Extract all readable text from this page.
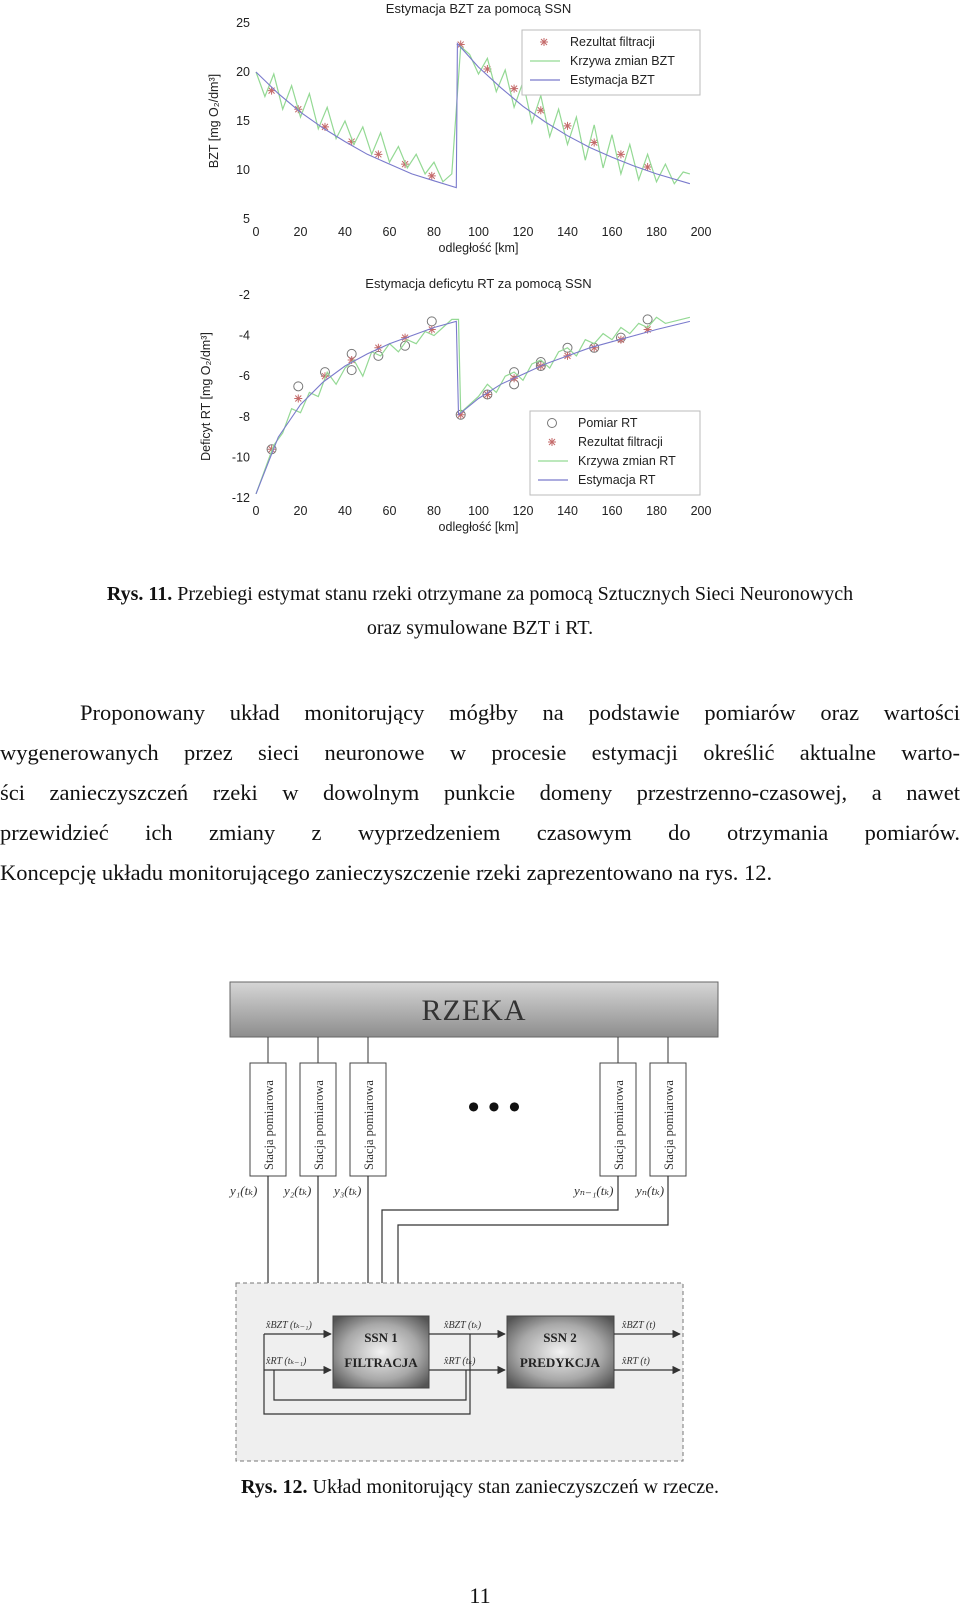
Estymacja BZT za pomocą SSN
0	20 40 60 80 100 120 140 160 180 200
25
20
15
10
5
odległość [km]
BZT [mg O₂/dm³]
Rezultat filtracji
Krzywa zmian BZT
Estymacja BZT
Estymacja deficytu RT za pomocą SSN
0	20 40 60 80 100 120 140 160 180 200
-2
-4
-6
-8
-10
-12
odległość [km]
Deficyt RT [mg O₂/dm³]	Pomiar RT
Rezultat filtracji
Krzywa zmian RT
Estymacja RT
Rys. 11. Przebiegi estymat stanu rzeki otrzymane za pomocą Sztucznych Sieci Neuronowych
oraz symulowane BZT i RT.
Proponowany układ monitorujący mógłby na podstawie pomiarów oraz wartości
wygenerowanych przez sieci neuronowe w procesie estymacji określić aktualne warto-
ści zanieczyszczeń rzeki w dowolnym punkcie domeny przestrzenno-czasowej, a nawet
przewidzieć ich zmiany z wyprzedzeniem czasowym do otrzymania pomiarów.
Koncepcję układu monitorującego zanieczyszczenie rzeki zaprezentowano na rys. 12.
RZEKA
Stacja pomiarowa	Stacja pomiarowa	Stacja pomiarowa	Stacja pomiarowa	Stacja pomiarowa
• • •
y₁(tₖ) y₂(tₖ) y₃(tₖ)	yₙ₋₁(tₖ) yₙ(tₖ)
SSN 1
FILTRACJA
SSN 2
PREDYKCJA
x̂BZT (tₖ₋₁)
x̂RT (tₖ₋₁)
x̂BZT (tₖ)
x̂RT (tₖ)
x̂BZT (t)
x̂RT (t)
Rys. 12. Układ monitorujący stan zanieczyszczeń w rzecze.
11
